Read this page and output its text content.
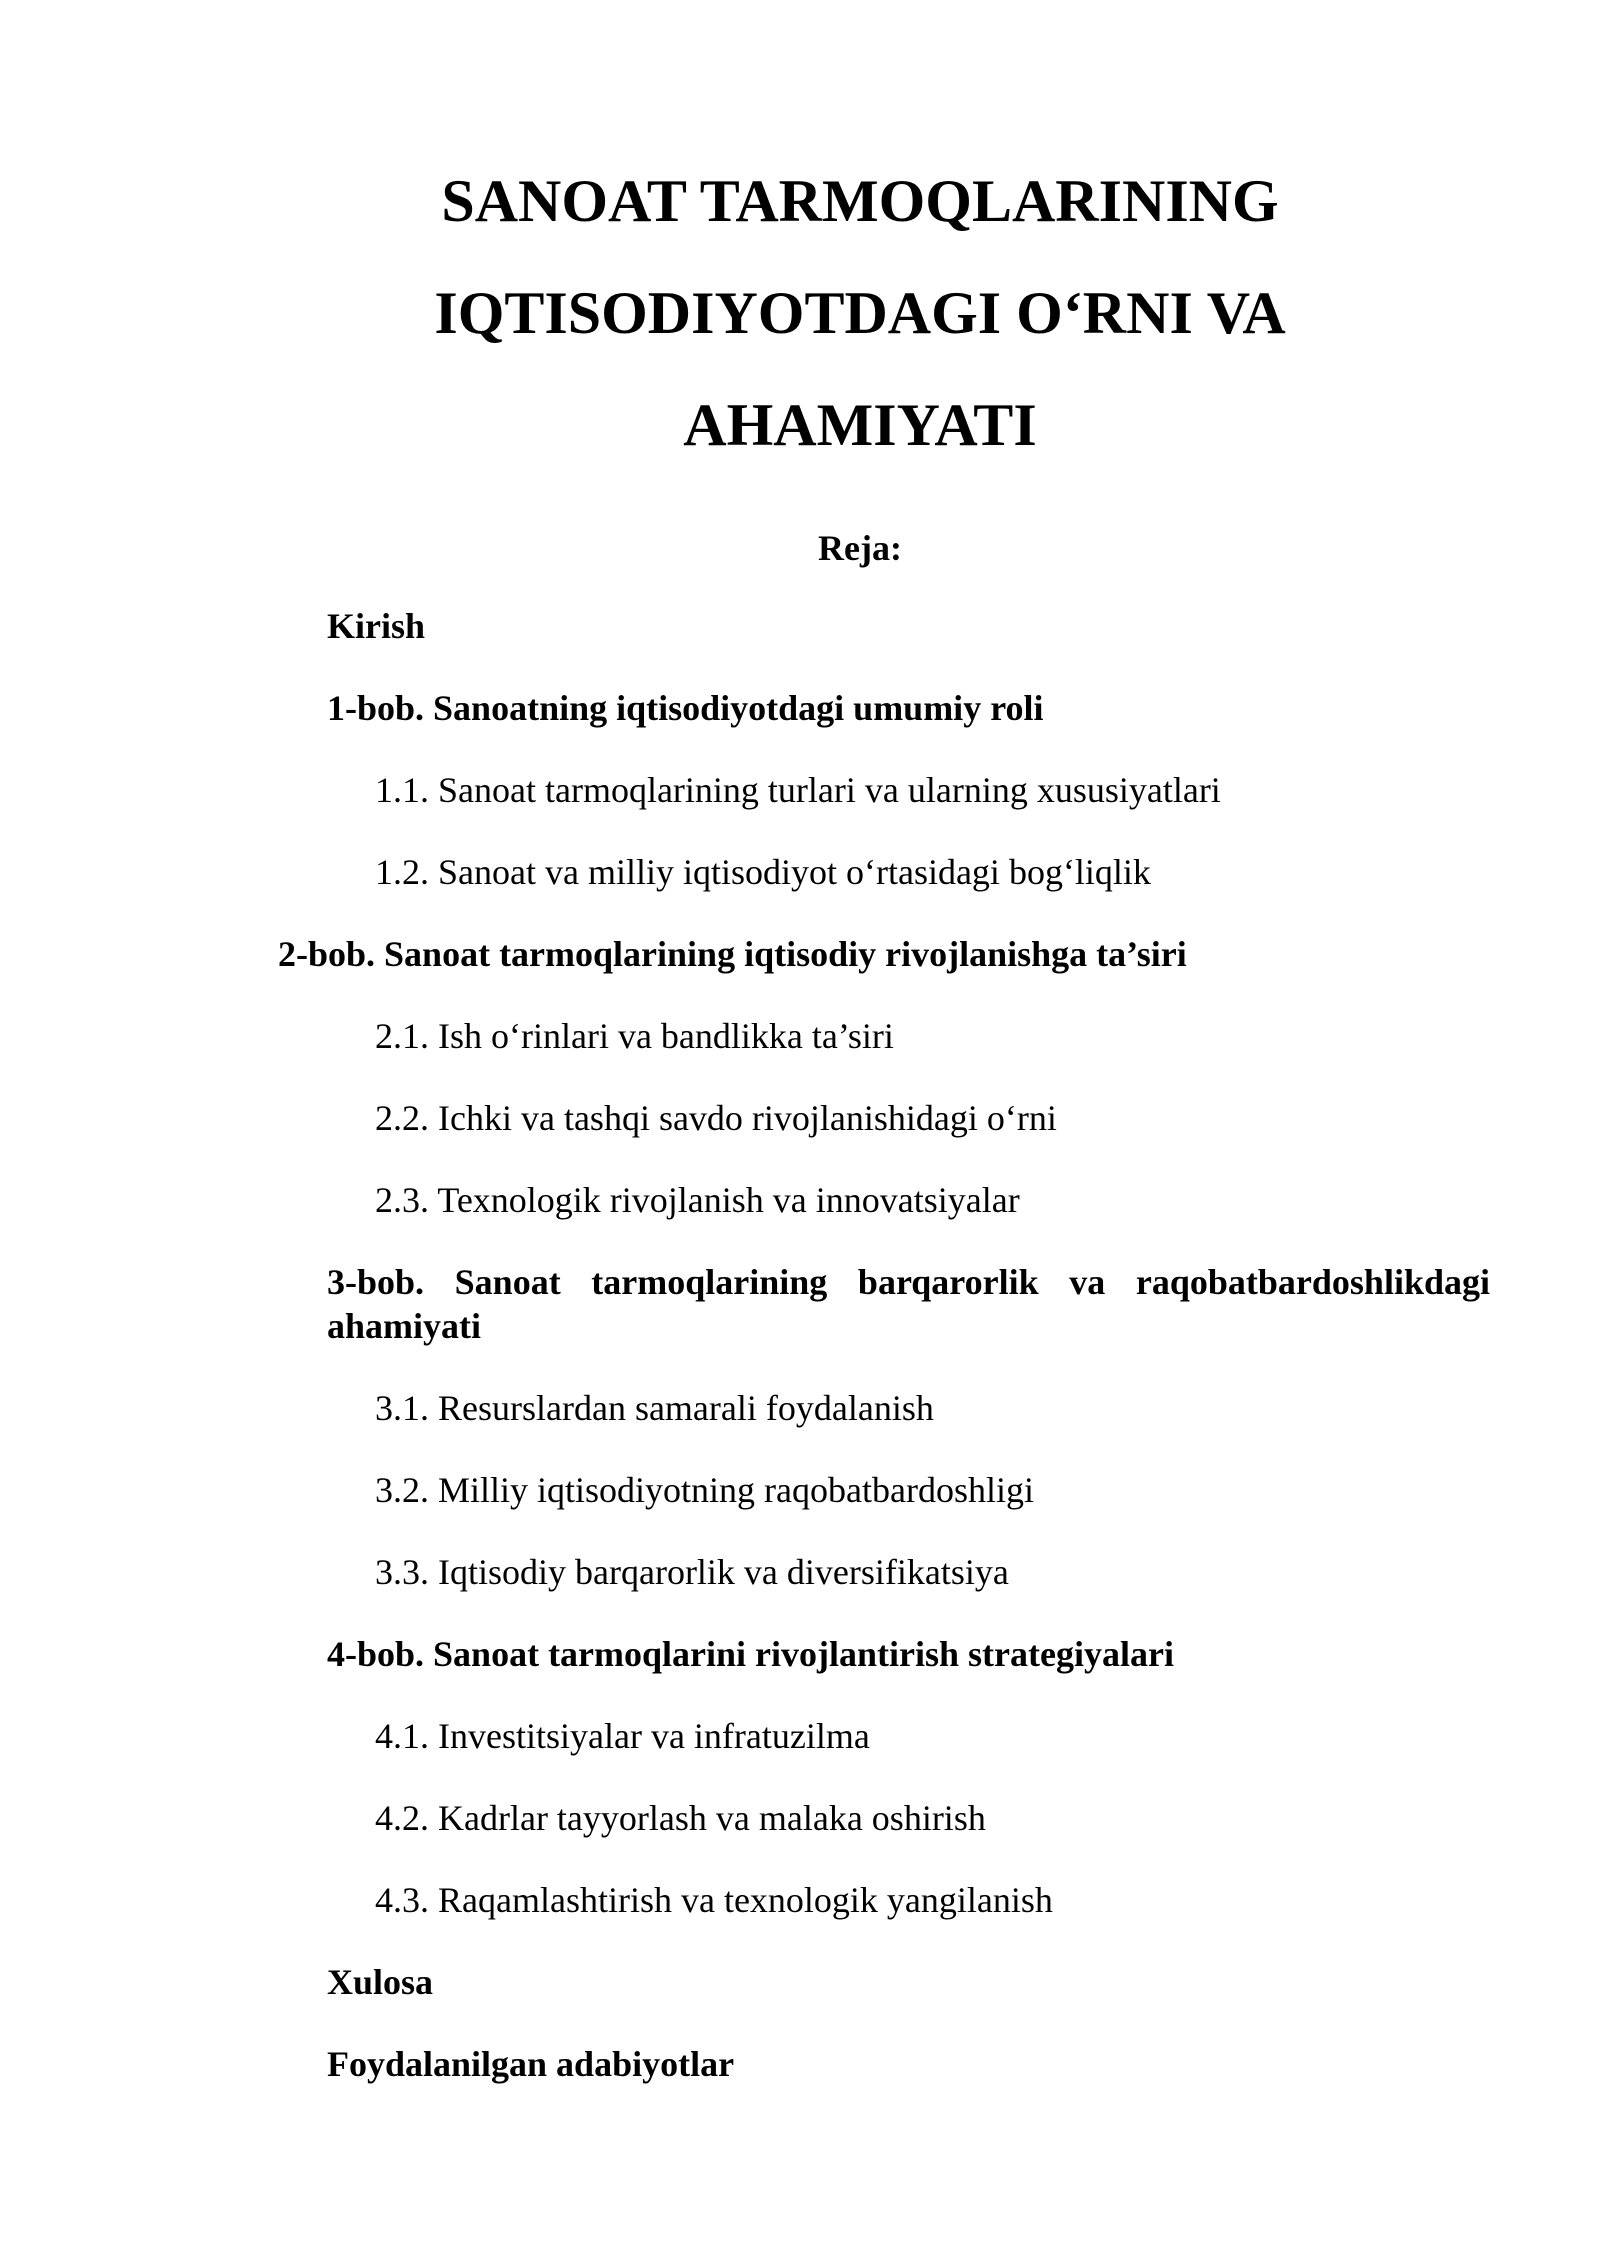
SANOAT TARMOQLARINING
IQTISODIYOTDAGI O‘RNI VA
AHAMIYATI

Reja:

Kirish

1-bob. Sanoatning iqtisodiyotdagi umumiy roli

1.1. Sanoat tarmoqlarining turlari va ularning xususiyatlari

1.2. Sanoat va milliy iqtisodiyot o‘rtasidagi bog‘liqlik

2-bob. Sanoat tarmoqlarining iqtisodiy rivojlanishga ta’siri

2.1. Ish o‘rinlari va bandlikka ta’siri

2.2. Ichki va tashqi savdo rivojlanishidagi o‘rni

2.3. Texnologik rivojlanish va innovatsiyalar

3-bob. Sanoat tarmoqlarining barqarorlik va raqobatbardoshlikdagi ahamiyati

3.1. Resurslardan samarali foydalanish

3.2. Milliy iqtisodiyotning raqobatbardoshligi

3.3. Iqtisodiy barqarorlik va diversifikatsiya

4-bob. Sanoat tarmoqlarini rivojlantirish strategiyalari

4.1. Investitsiyalar va infratuzilma

4.2. Kadrlar tayyorlash va malaka oshirish

4.3. Raqamlashtirish va texnologik yangilanish

Xulosa

Foydalanilgan adabiyotlar
